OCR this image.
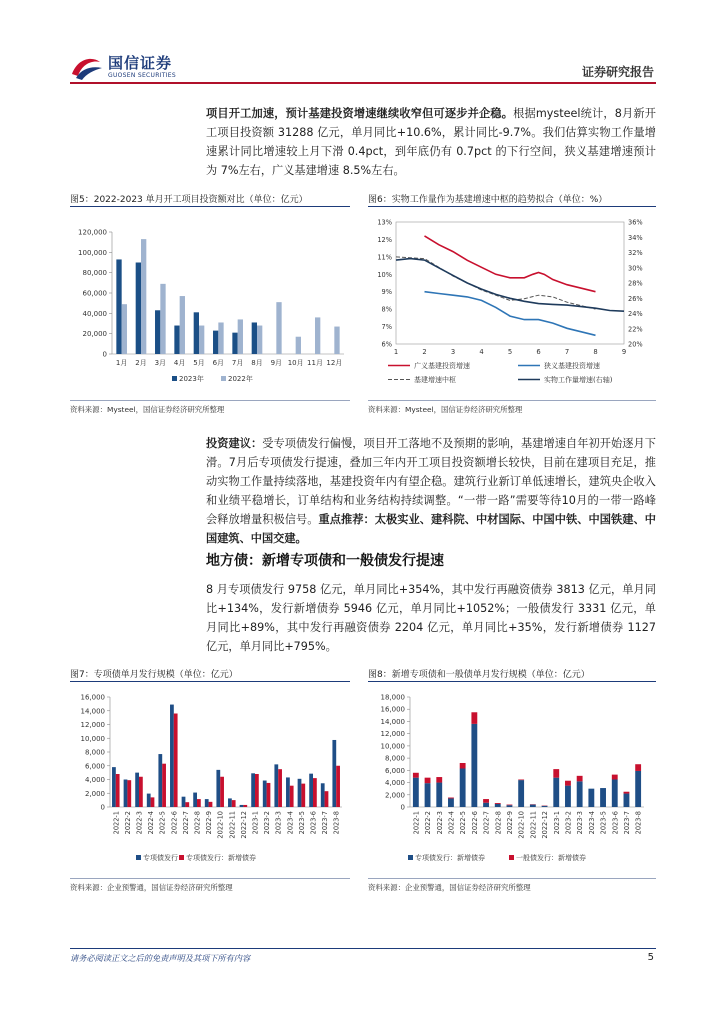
国信证券
GUOSEN SECURITIES	证券研究报告

项目开工加速，预计基建投资增速继续收窄但可逐步并企稳。根据mysteel统计，8月新开工项目投资额 31288 亿元，单月同比+10.6%，累计同比-9.7%。我们估算实物工作量增速累计同比增速较上月下滑 0.4pct，到年底仍有 0.7pct 的下行空间，狭义基建增速预计为 7%左右，广义基建增速 8.5%左右。

图5：2022-2023 单月开工项目投资额对比（单位：亿元）
0
20,000
40,000
60,000
80,000
100,000
120,000
1月 2月 3月 4月 5月 6月 7月 8月 9月 10月 11月 12月
2023年	2022年
资料来源：Mysteel，国信证券经济研究所整理
图6：实物工作量作为基建增速中枢的趋势拟合（单位：%）
6%
7%
8%
9%
10%
11%
12%
13%
20%
22%
24%
26%
28%
30%
32%
34%
36%
1	2	3	4	5	6	7	8	9
广义基建投资增速	狭义基建投资增速
基建增速中枢	实物工作量增速(右轴)
资料来源：Mysteel，国信证券经济研究所整理

投资建议：受专项债发行偏慢，项目开工落地不及预期的影响，基建增速自年初开始逐月下滑。7月后专项债发行提速，叠加三年内开工项目投资额增长较快，目前在建项目充足，推动实物工作量持续落地，基建投资年内有望企稳。建筑行业新订单低速增长，建筑央企收入和业绩平稳增长，订单结构和业务结构持续调整。“一带一路”需要等待10月的一带一路峰会释放增量积极信号。重点推荐：太极实业、建科院、中材国际、中国中铁、中国铁建、中国建筑、中国交建。

地方债：新增专项债和一般债发行提速

8 月专项债发行 9758 亿元，单月同比+354%，其中发行再融资债券 3813 亿元，单月同比+134%，发行新增债券 5946 亿元，单月同比+1052%；一般债发行 3331 亿元，单月同比+89%，其中发行再融资债券 2204 亿元，单月同比+35%，发行新增债券 1127 亿元，单月同比+795%。

图7：专项债单月发行规模（单位：亿元）
0
2,000
4,000
6,000
8,000
10,000
12,000
14,000
16,000
2022-1 2022-2 2022-3 2022-4 2022-5 2022-6 2022-7 2022-8 2022-9 2022-10 2022-11 2022-12 2023-1 2023-2 2023-3 2023-4 2023-5 2023-6 2023-7 2023-8
专项债发行 专项债发行：新增债券
资料来源：企业预警通，国信证券经济研究所整理
图8：新增专项债和一般债单月发行规模（单位：亿元）
0
2,000
4,000
6,000
8,000
10,000
12,000
14,000
16,000
18,000
2022-1 2022-2 2022-3 2022-4 2022-5 2022-6 2022-7 2022-8 2022-9 2022-10 2022-11 2022-12 2023-1 2023-2 2023-3 2023-4 2023-5 2023-6 2023-7 2023-8
专项债发行：新增债券	一般债发行：新增债券
资料来源：企业预警通，国信证券经济研究所整理
请务必阅读正文之后的免责声明及其项下所有内容	5
